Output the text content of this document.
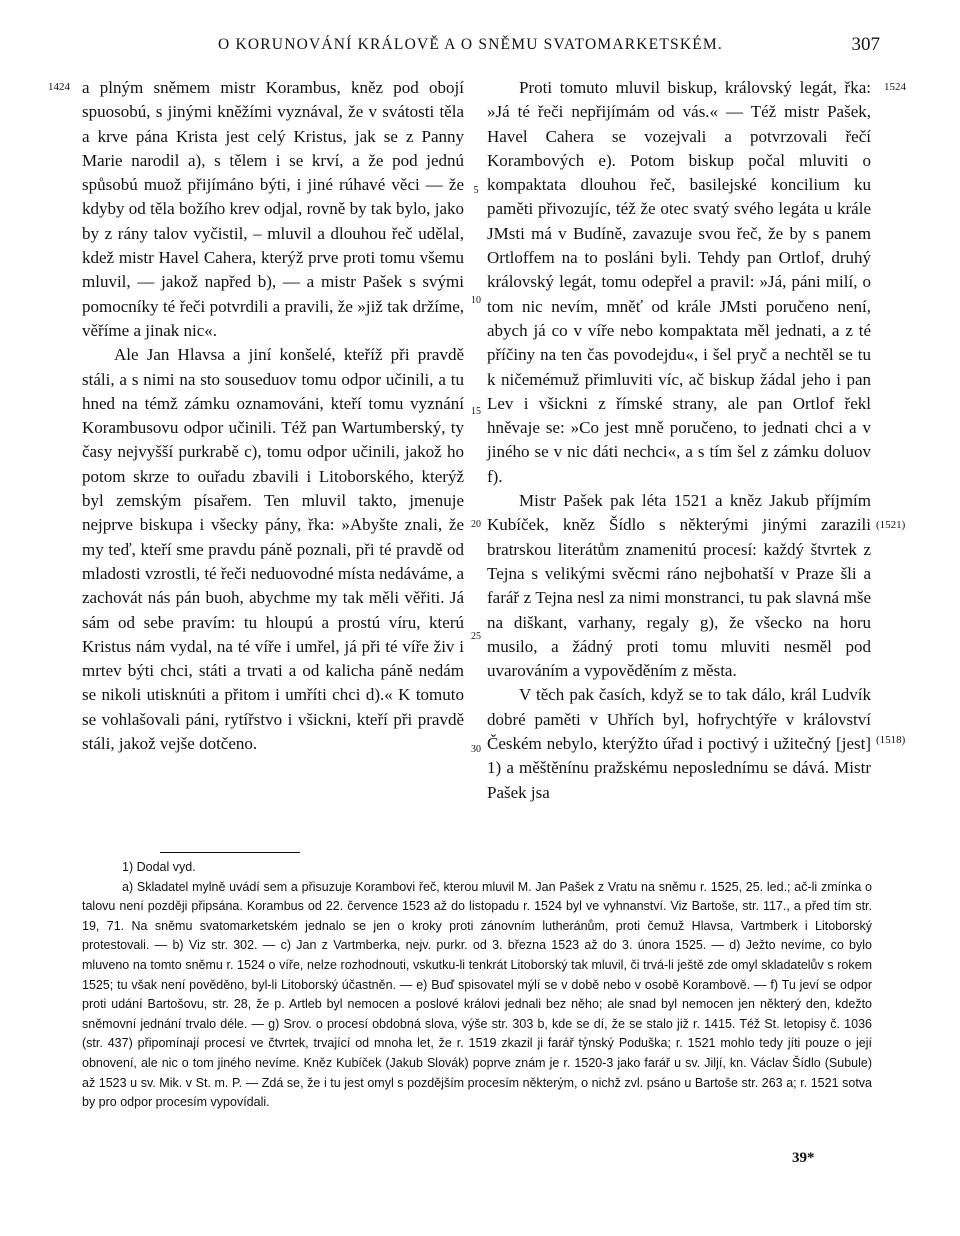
O KORUNOVÁNÍ KRÁLOVĚ A O SNĚMU SVATOMARKETSKÉM.	307
1424	1524
(1521)
(1518)
5
10
15
20
25
30

a plným sněmem mistr Korambus, kněz pod obojí spuosobú, s jinými kněžími vyznával, že v svátosti těla a krve pána Krista jest celý Kristus, jak se z Panny Marie narodil a), s tělem i se krví, a že pod jednú spůsobú muož přijímáno býti, i jiné rúhavé věci — že kdyby od těla božího krev odjal, rovně by tak bylo, jako by z rány talov vyčistil, – mluvil a dlouhou řeč udělal, kdež mistr Havel Cahera, kterýž prve proti tomu všemu mluvil, — jakož napřed b), — a mistr Pašek s svými pomocníky té řeči potvrdili a pravili, že »již tak držíme, věříme a jinak nic«.

Ale Jan Hlavsa a jiní konšelé, kteříž při pravdě stáli, a s nimi na sto souseduov tomu odpor učinili, a tu hned na témž zámku oznamováni, kteří tomu vyznání Korambusovu odpor učinili. Též pan Wartumberský, ty časy nejvyšší purkrabě c), tomu odpor učinili, jakož ho potom skrze to ouřadu zbavili i Litoborského, kterýž byl zemským písařem. Ten mluvil takto, jmenuje nejprve biskupa i všecky pány, řka: »Abyšte znali, že my teď, kteří sme pravdu páně poznali, při té pravdě od mladosti vzrostli, té řeči neduovodné místa nedáváme, a zachovát nás pán buoh, abychme my tak měli věřiti. Já sám od sebe pravím: tu hloupú a prostú víru, kterú Kristus nám vydal, na té víře i umřel, já při té víře živ i mrtev býti chci, státi a trvati a od kalicha páně nedám se nikoli utisknúti a přitom i umříti chci d).« K tomuto se vohlašovali páni, rytířstvo i všickni, kteří při pravdě stáli, jakož vejše dotčeno.

Proti tomuto mluvil biskup, královský legát, řka: »Já té řeči nepřijímám od vás.« — Též mistr Pašek, Havel Cahera se vozejvali a potvrzovali řečí Korambových e). Potom biskup počal mluviti o kompaktata dlouhou řeč, basilejské koncilium ku paměti přivozujíc, též že otec svatý svého legáta u krále JMsti má v Budíně, zavazuje svou řeč, že by s panem Ortloffem na to posláni byli. Tehdy pan Ortlof, druhý královský legát, tomu odepřel a pravil: »Já, páni milí, o tom nic nevím, mněť od krále JMsti poručeno není, abych já co v víře nebo kompaktata měl jednati, a z té příčiny na ten čas povodejdu«, i šel pryč a nechtěl se tu k ničemémuž přimluviti víc, ač biskup žádal jeho i pan Lev i všickni z římské strany, ale pan Ortlof řekl hněvaje se: »Co jest mně poručeno, to jednati chci a v jiného se v nic dáti nechci«, a s tím šel z zámku doluov f).

Mistr Pašek pak léta 1521 a kněz Jakub příjmím Kubíček, kněz Šídlo s některými jinými zarazili bratrskou literátům znamenitú procesí: každý štvrtek z Tejna s velikými svěcmi ráno nejbohatší v Praze šli a farář z Tejna nesl za nimi monstranci, tu pak slavná mše na diškant, varhany, regaly g), že všecko na horu musilo, a žádný proti tomu mluviti nesměl pod uvarováním a vypověděním z města.

V těch pak časích, když se to tak dálo, král Ludvík dobré paměti v Uhřích byl, hofrychtýře v království Českém nebylo, kterýžto úřad i poctivý i užitečný [jest] 1) a měštěnínu pražskému neposlednímu se dává. Mistr Pašek jsa

1) Dodal vyd.

a) Skladatel mylně uvádí sem a přisuzuje Korambovi řeč, kterou mluvil M. Jan Pašek z Vratu na sněmu r. 1525, 25. led.; ač-li zmínka o talovu není později připsána. Korambus od 22. července 1523 až do listopadu r. 1524 byl ve vyhnanství. Viz Bartoše, str. 117., a před tím str. 19, 71. Na sněmu svatomarketském jednalo se jen o kroky proti zánovním lutheránům, proti čemuž Hlavsa, Vartmberk i Litoborský protestovali. — b) Viz str. 302. — c) Jan z Vartmberka, nejv. purkr. od 3. března 1523 až do 3. února 1525. — d) Ježto nevíme, co bylo mluveno na tomto sněmu r. 1524 o víře, nelze rozhodnouti, vskutku-li tenkrát Litoborský tak mluvil, či trvá-li ještě zde omyl skladatelův s rokem 1525; tu však není pověděno, byl-li Litoborský účastněn. — e) Buď spisovatel mýlí se v době nebo v osobě Korambově. — f) Tu jeví se odpor proti udání Bartošovu, str. 28, že p. Artleb byl nemocen a poslové královi jednali bez něho; ale snad byl nemocen jen některý den, kdežto sněmovní jednání trvalo déle. — g) Srov. o procesí obdobná slova, výše str. 303 b, kde se dí, že se stalo již r. 1415. Též St. letopisy č. 1036 (str. 437) připomínají procesí ve čtvrtek, trvající od mnoha let, že r. 1519 zkazil ji farář týnský Poduška; r. 1521 mohlo tedy jíti pouze o její obnovení, ale nic o tom jiného nevíme. Kněz Kubíček (Jakub Slovák) poprve znám je r. 1520-3 jako farář u sv. Jiljí, kn. Václav Šídlo (Subule) až 1523 u sv. Mik. v St. m. P. — Zdá se, že i tu jest omyl s pozdějším procesím některým, o nichž zvl. psáno u Bartoše str. 263 a; r. 1521 sotva by pro odpor procesím vypovídali.

39*
